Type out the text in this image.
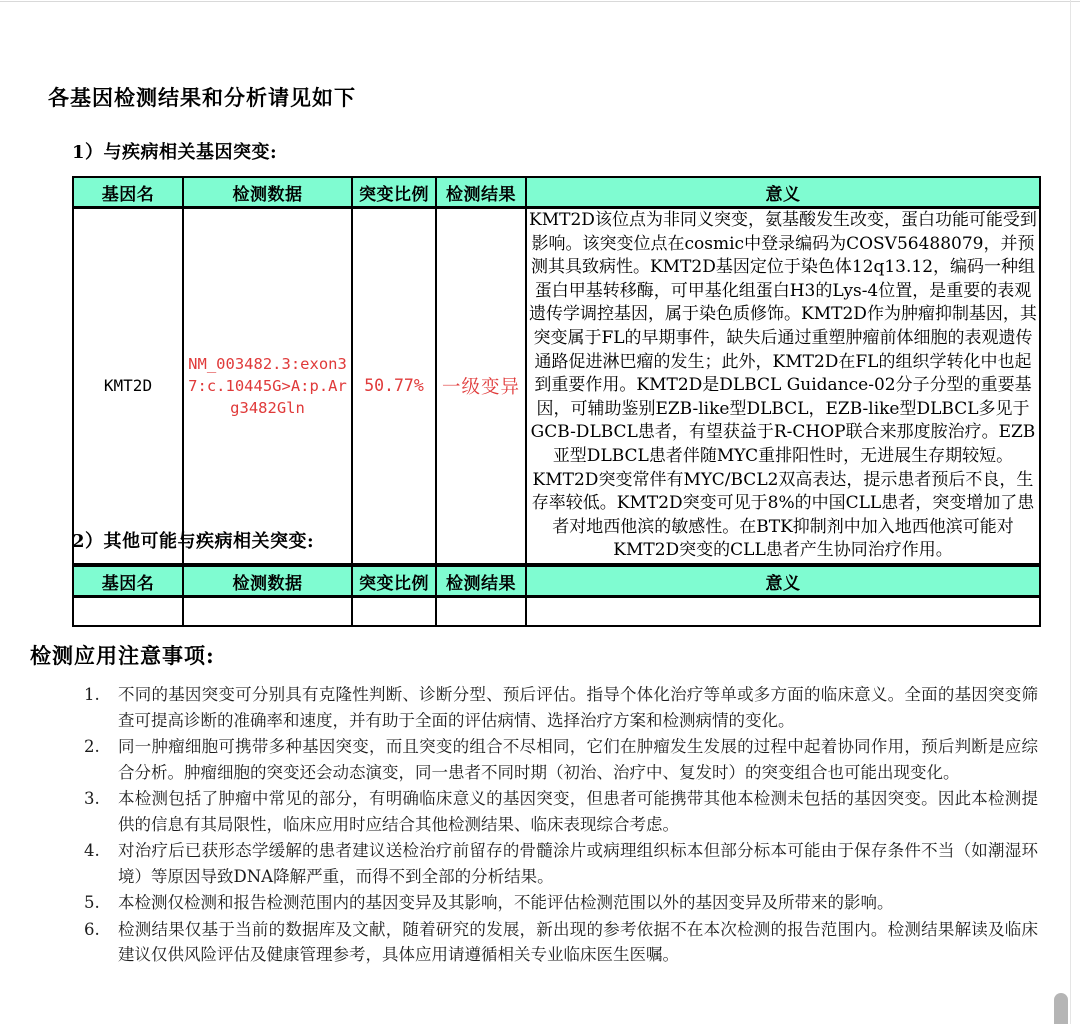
各基因检测结果和分析请见如下
1）与疾病相关基因突变:
基因名	检测数据	突变比例	检测结果	意义
KMT2D	NM_003482.3:exon37:c.10445G>A:p.Arg3482Gln	50.77%	一级变异	KMT2D该位点为非同义突变，氨基酸发生改变，蛋白功能可能受到影响。该突变位点在cosmic中登录编码为COSV56488079，并预测其具致病性。KMT2D基因定位于染色体12q13.12，编码一种组蛋白甲基转移酶，可甲基化组蛋白H3的Lys-4位置，是重要的表观遗传学调控基因，属于染色质修饰。KMT2D作为肿瘤抑制基因，其突变属于FL的早期事件，缺失后通过重塑肿瘤前体细胞的表观遗传通路促进淋巴瘤的发生；此外，KMT2D在FL的组织学转化中也起到重要作用。KMT2D是DLBCL Guidance-02分子分型的重要基因，可辅助鉴别EZB-like型DLBCL，EZB-like型DLBCL多见于GCB-DLBCL患者，有望获益于R-CHOP联合来那度胺治疗。EZB亚型DLBCL患者伴随MYC重排阳性时，无进展生存期较短。KMT2D突变常伴有MYC/BCL2双高表达，提示患者预后不良，生存率较低。KMT2D突变可见于8%的中国CLL患者，突变增加了患者对地西他滨的敏感性。在BTK抑制剂中加入地西他滨可能对KMT2D突变的CLL患者产生协同治疗作用。
2）其他可能与疾病相关突变:
基因名	检测数据	突变比例	检测结果	意义

检测应用注意事项:
1.	不同的基因突变可分别具有克隆性判断、诊断分型、预后评估。指导个体化治疗等单或多方面的临床意义。全面的基因突变筛查可提高诊断的准确率和速度，并有助于全面的评估病情、选择治疗方案和检测病情的变化。
2.	同一肿瘤细胞可携带多种基因突变，而且突变的组合不尽相同，它们在肿瘤发生发展的过程中起着协同作用，预后判断是应综合分析。肿瘤细胞的突变还会动态演变，同一患者不同时期（初治、治疗中、复发时）的突变组合也可能出现变化。
3.	本检测包括了肿瘤中常见的部分，有明确临床意义的基因突变，但患者可能携带其他本检测未包括的基因突变。因此本检测提供的信息有其局限性，临床应用时应结合其他检测结果、临床表现综合考虑。
4.	对治疗后已获形态学缓解的患者建议送检治疗前留存的骨髓涂片或病理组织标本但部分标本可能由于保存条件不当（如潮湿环境）等原因导致DNA降解严重，而得不到全部的分析结果。
5.	本检测仅检测和报告检测范围内的基因变异及其影响，不能评估检测范围以外的基因变异及所带来的影响。
6.	检测结果仅基于当前的数据库及文献，随着研究的发展，新出现的参考依据不在本次检测的报告范围内。检测结果解读及临床建议仅供风险评估及健康管理参考，具体应用请遵循相关专业临床医生医嘱。
